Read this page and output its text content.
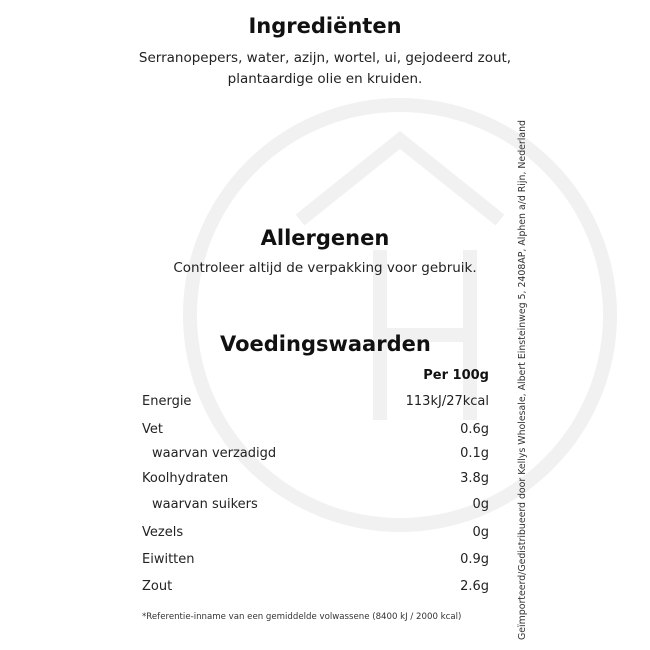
Ingrediënten

Serranopepers, water, azijn, wortel, ui, gejodeerd zout,
plantaardige olie en kruiden.

Allergenen

Controleer altijd de verpakking voor gebruik.

Voedingswaarden
Per 100g
Energie	113kJ/27kcal
Vet	0.6g
waarvan verzadigd	0.1g
Koolhydraten	3.8g
waarvan suikers	0g
Vezels	0g
Eiwitten	0.9g
Zout	2.6g
*Referentie-inname van een gemiddelde volwassene (8400 kJ / 2000 kcal)	Geïmporteerd/Gedistribueerd door Kellys Wholesale, Albert Einsteinweg 5, 2408AP, Alphen a/d Rijn, Nederland
